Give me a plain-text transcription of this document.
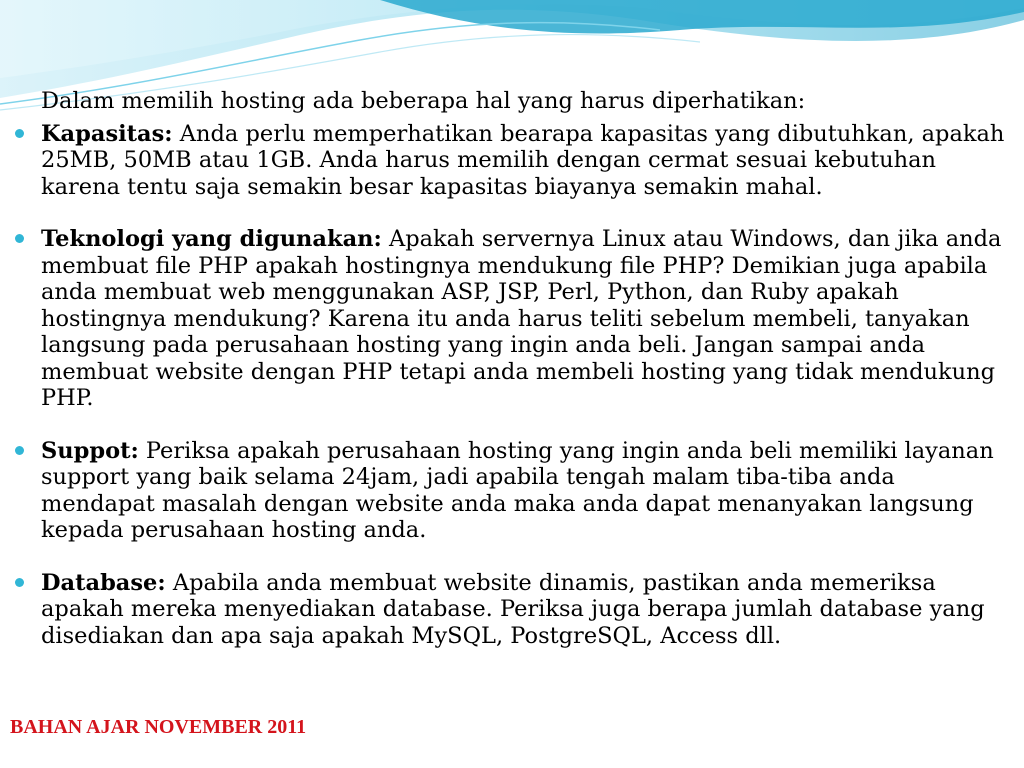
Dalam memilih hosting ada beberapa hal yang harus diperhatikan:

Kapasitas: Anda perlu memperhatikan bearapa kapasitas yang dibutuhkan, apakah 25MB, 50MB atau 1GB. Anda harus memilih dengan cermat sesuai kebutuhan karena tentu saja semakin besar kapasitas biayanya semakin mahal.
Teknologi yang digunakan: Apakah servernya Linux atau Windows, dan jika anda membuat file PHP apakah hostingnya mendukung file PHP? Demikian juga apabila anda membuat web menggunakan ASP, JSP, Perl, Python, dan Ruby apakah hostingnya mendukung? Karena itu anda harus teliti sebelum membeli, tanyakan langsung pada perusahaan hosting yang ingin anda beli. Jangan sampai anda membuat website dengan PHP tetapi anda membeli hosting yang tidak mendukung PHP.
Suppot: Periksa apakah perusahaan hosting yang ingin anda beli memiliki layanan support yang baik selama 24jam, jadi apabila tengah malam tiba-tiba anda mendapat masalah dengan website anda maka anda dapat menanyakan langsung kepada perusahaan hosting anda.
Database: Apabila anda membuat website dinamis, pastikan anda memeriksa apakah mereka menyediakan database. Periksa juga berapa jumlah database yang disediakan dan apa saja apakah MySQL, PostgreSQL, Access dll.
BAHAN AJAR NOVEMBER 2011
